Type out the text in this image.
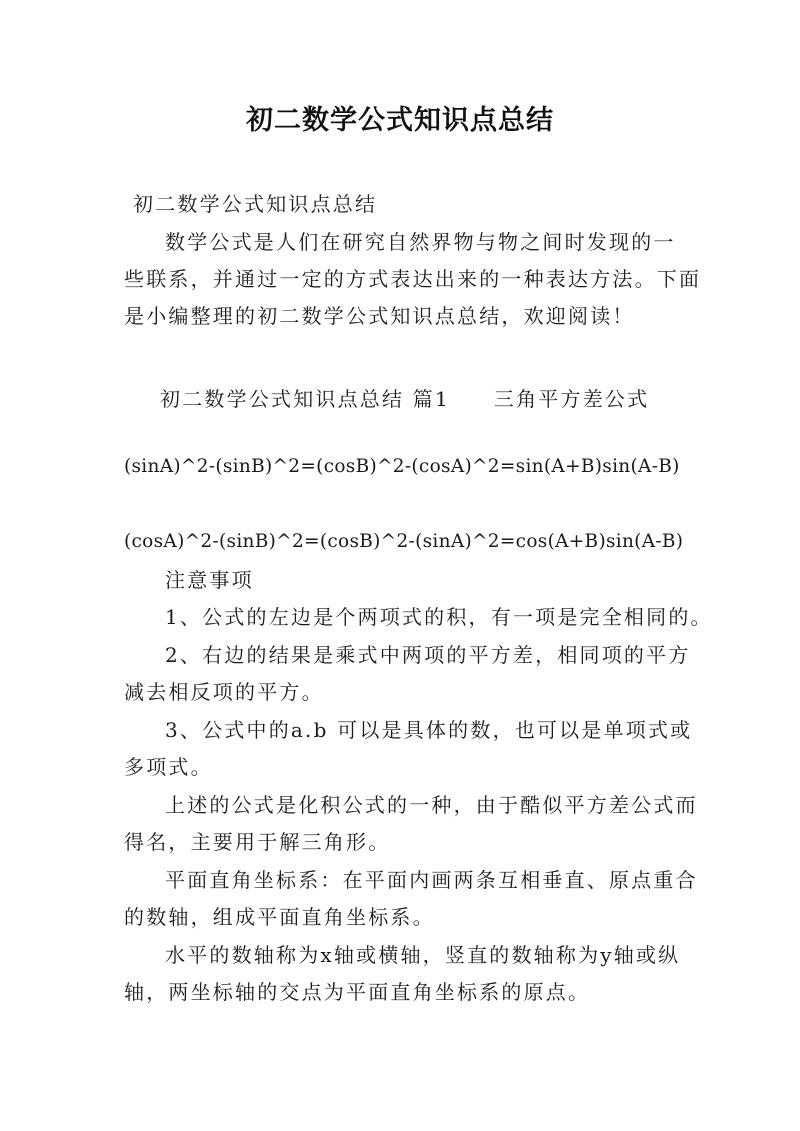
初二数学公式知识点总结
初二数学公式知识点总结
数学公式是人们在研究自然界物与物之间时发现的一
些联系，并通过一定的方式表达出来的一种表达方法。下面
是小编整理的初二数学公式知识点总结，欢迎阅读！
初二数学公式知识点总结 篇1 三角平方差公式
(sinA)^2-(sinB)^2=(cosB)^2-(cosA)^2=sin(A+B)sin(A-B)
(cosA)^2-(sinB)^2=(cosB)^2-(sinA)^2=cos(A+B)sin(A-B)
注意事项
1、公式的左边是个两项式的积，有一项是完全相同的。
2、右边的结果是乘式中两项的平方差，相同项的平方
减去相反项的平方。
3、公式中的a.b 可以是具体的数，也可以是单项式或
多项式。
上述的公式是化积公式的一种，由于酷似平方差公式而
得名，主要用于解三角形。
平面直角坐标系：在平面内画两条互相垂直、原点重合
的数轴，组成平面直角坐标系。
水平的数轴称为x轴或横轴，竖直的数轴称为y轴或纵
轴，两坐标轴的交点为平面直角坐标系的原点。
